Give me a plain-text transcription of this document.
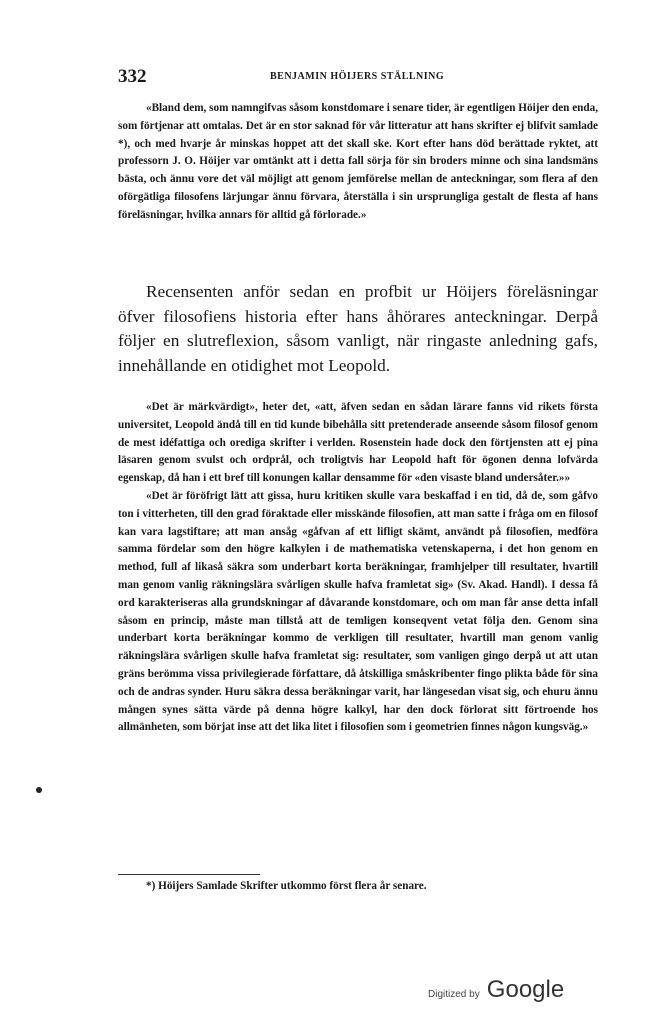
332	BENJAMIN HÖIJERS STÄLLNING

«Bland dem, som namngifvas såsom konstdomare i senare tider, är egentligen Höijer den enda, som förtjenar att omtalas. Det är en stor saknad för vår litteratur att hans skrifter ej blifvit samlade *), och med hvarje år minskas hoppet att det skall ske. Kort efter hans död berättade ryktet, att professorn J. O. Höijer var omtänkt att i detta fall sörja för sin broders minne och sina landsmäns bästa, och ännu vore det väl möjligt att genom jemförelse mellan de anteckningar, som flera af den oförgätliga filosofens lärjungar ännu förvara, återställa i sin ursprungliga gestalt de flesta af hans föreläsningar, hvilka annars för alltid gå förlorade.»

Recensenten anför sedan en profbit ur Höijers föreläsningar öfver filosofiens historia efter hans åhörares anteckningar. Derpå följer en slutreflexion, såsom vanligt, när ringaste anledning gafs, innehållande en otidighet mot Leopold.

«Det är märkvärdigt», heter det, «att, äfven sedan en sådan lärare fanns vid rikets första universitet, Leopold ändå till en tid kunde bibehålla sitt pretenderade anseende såsom filosof genom de mest idéfattiga och orediga skrifter i verlden. Rosenstein hade dock den förtjensten att ej pina läsaren genom svulst och ordprål, och troligtvis har Leopold haft för ögonen denna lofvärda egenskap, då han i ett bref till konungen kallar densamme för «den visaste bland undersåter.»»

«Det är föröfrigt lätt att gissa, huru kritiken skulle vara beskaffad i en tid, då de, som gåfvo ton i vitterheten, till den grad föraktade eller misskände filosofien, att man satte i fråga om en filosof kan vara lagstiftare; att man ansåg «gåfvan af ett lifligt skämt, användt på filosofien, medföra samma fördelar som den högre kalkylen i de mathematiska vetenskaperna, i det hon genom en method, full af likaså säkra som underbart korta beräkningar, framhjelper till resultater, hvartill man genom vanlig räkningslära svårligen skulle hafva framletat sig» (Sv. Akad. Handl). I dessa få ord karakteriseras alla grundskningar af dåvarande konstdomare, och om man får anse detta infall såsom en princip, måste man tillstå att de temligen konseqvent vetat följa den. Genom sina underbart korta beräkningar kommo de verkligen till resultater, hvartill man genom vanlig räkningslära svårligen skulle hafva framletat sig: resultater, som vanligen gingo derpå ut att utan gräns berömma vissa privilegierade författare, då åtskilliga småskribenter fingo plikta både för sina och de andras synder. Huru säkra dessa beräkningar varit, har längesedan visat sig, och ehuru ännu mången synes sätta värde på denna högre kalkyl, har den dock förlorat sitt förtroende hos allmänheten, som börjat inse att det lika litet i filosofien som i geometrien finnes någon kungsväg.»

*) Höijers Samlade Skrifter utkommo först flera år senare.
Digitized by Google
